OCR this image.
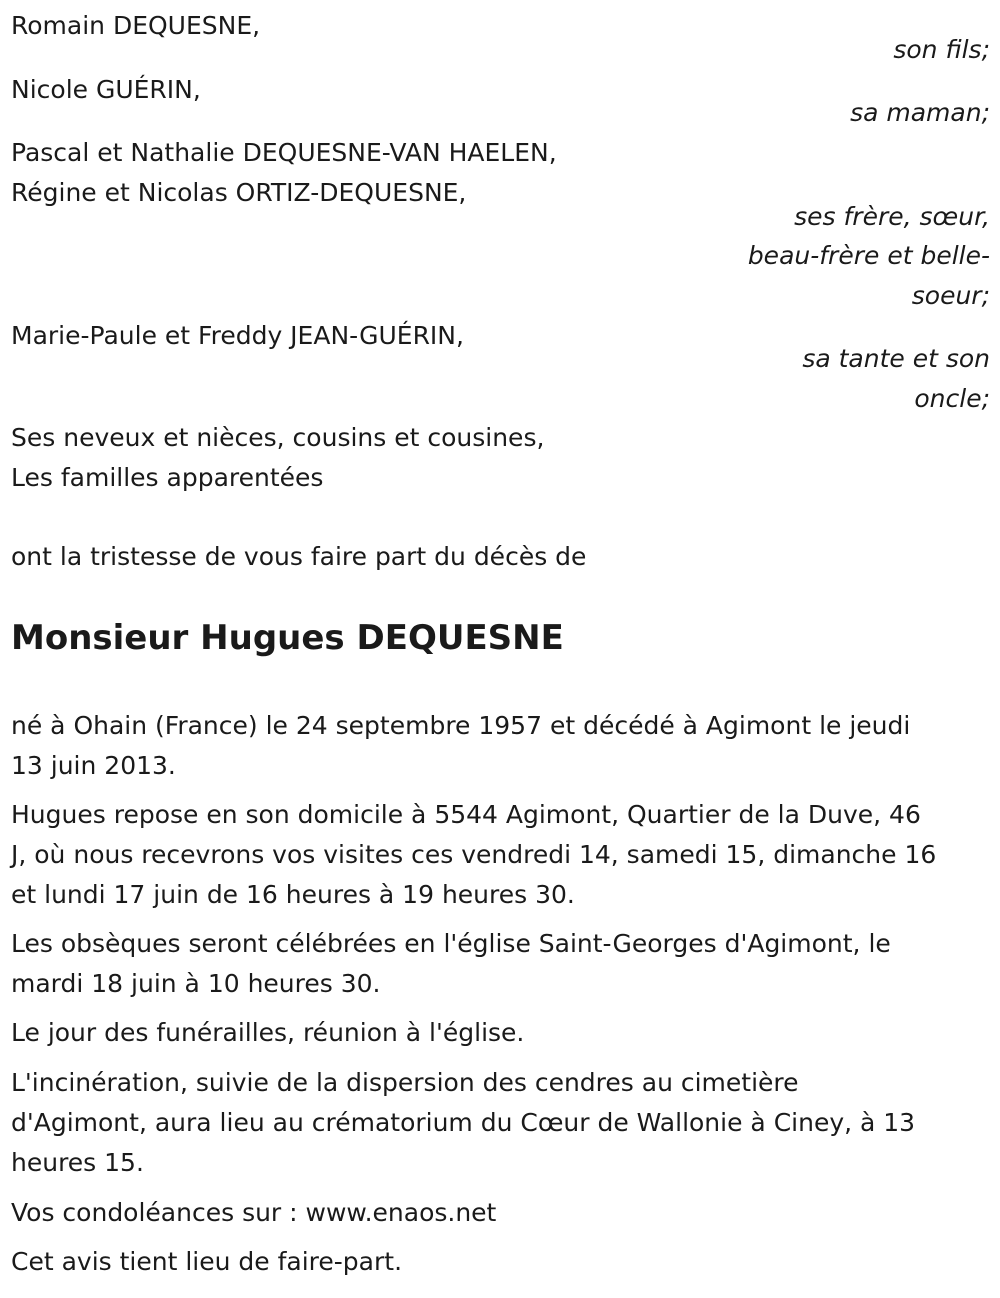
Romain DEQUESNE,
son fils;
Nicole GUÉRIN,
sa maman;
Pascal et Nathalie DEQUESNE-VAN HAELEN,
Régine et Nicolas ORTIZ-DEQUESNE,
ses frère, sœur,
beau-frère et belle-
soeur;
Marie-Paule et Freddy JEAN-GUÉRIN,
sa tante et son
oncle;
Ses neveux et nièces, cousins et cousines,
Les familles apparentées
ont la tristesse de vous faire part du décès de
Monsieur Hugues DEQUESNE
né à Ohain (France) le 24 septembre 1957 et décédé à Agimont le jeudi
13 juin 2013.
Hugues repose en son domicile à 5544 Agimont, Quartier de la Duve, 46
J, où nous recevrons vos visites ces vendredi 14, samedi 15, dimanche 16
et lundi 17 juin de 16 heures à 19 heures 30.
Les obsèques seront célébrées en l'église Saint-Georges d'Agimont, le
mardi 18 juin à 10 heures 30.
Le jour des funérailles, réunion à l'église.
L'incinération, suivie de la dispersion des cendres au cimetière
d'Agimont, aura lieu au crématorium du Cœur de Wallonie à Ciney, à 13
heures 15.
Vos condoléances sur : www.enaos.net
Cet avis tient lieu de faire-part.
